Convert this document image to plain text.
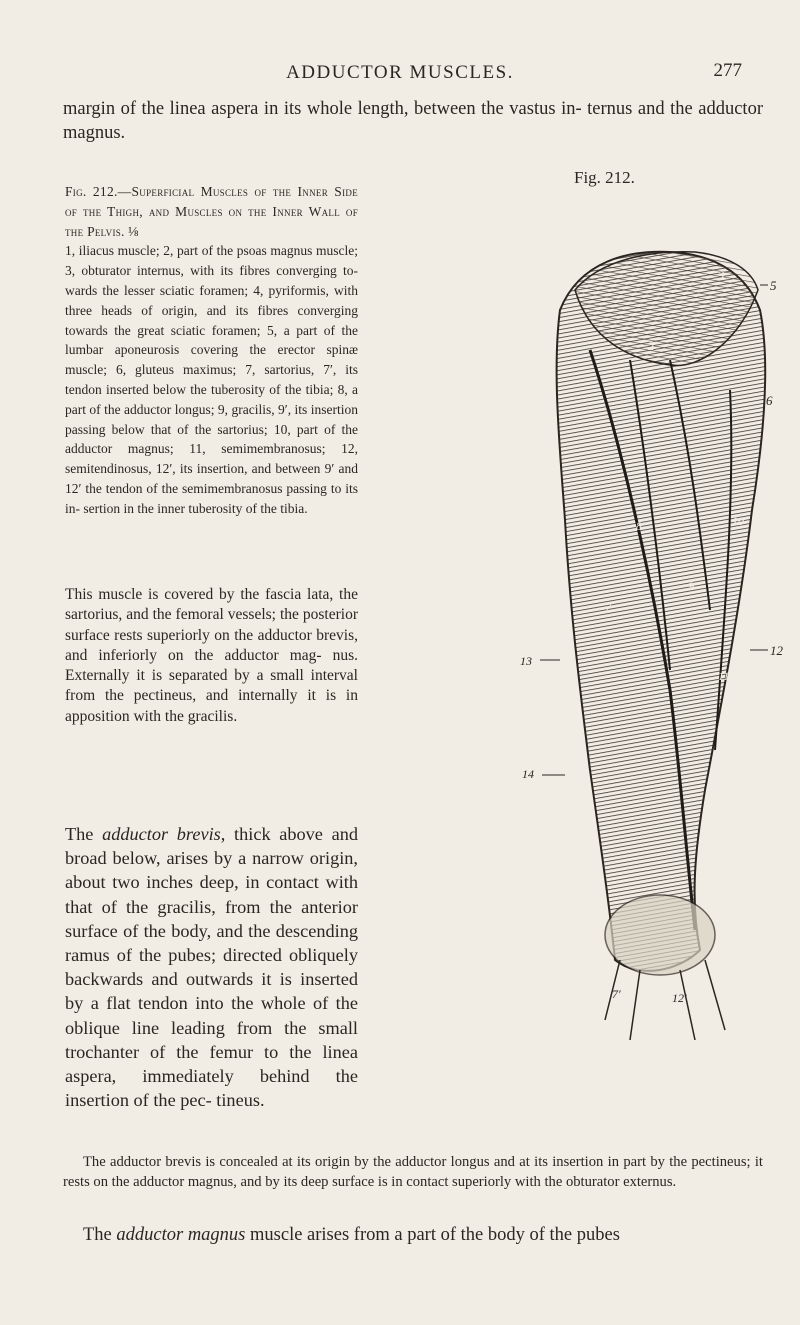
ADDUCTOR MUSCLES.	277
margin of the linea aspera in its whole length, between the vastus in- ternus and the adductor magnus.
Fig. 212.—Superficial Muscles of the Inner Side of the Thigh, and Muscles on the Inner Wall of the Pelvis. ⅛
1, iliacus muscle; 2, part of the psoas magnus muscle; 3, obturator internus, with its fibres converging to- wards the lesser sciatic foramen; 4, pyriformis, with three heads of origin, and its fibres converging towards the great sciatic foramen; 5, a part of the lumbar aponeurosis covering the erector spinæ muscle; 6, gluteus maximus; 7, sartorius, 7′, its tendon inserted below the tuberosity of the tibia; 8, a part of the adductor longus; 9, gracilis, 9′, its insertion passing below that of the sartorius; 10, part of the adductor magnus; 11, semimembranosus; 12, semitendinosus, 12′, its insertion, and between 9′ and 12′ the tendon of the semimembranosus passing to its in- sertion in the inner tuberosity of the tibia.
This muscle is covered by the fascia lata, the sartorius, and the femoral vessels; the posterior surface rests superiorly on the adductor brevis, and inferiorly on the adductor mag- nus. Externally it is separated by a small interval from the pectineus, and internally it is in apposition with the gracilis.
The adductor brevis, thick above and broad below, arises by a narrow origin, about two inches deep, in contact with that of the gracilis, from the anterior surface of the body, and the descending ramus of the pubes; directed obliquely backwards and outwards it is inserted by a flat tendon into the whole of the oblique line leading from the small trochanter of the femur to the linea aspera, immediately behind the insertion of the pec- tineus.
The adductor brevis is concealed at its origin by the adductor longus and at its insertion in part by the pectineus; it rests on the adductor magnus, and by its deep surface is in contact superiorly with the obturator externus.
The adductor magnus muscle arises from a part of the body of the pubes
Fig. 212.
5
6
12
13
14
2
3
8
9
10
7
11
7′	12′
